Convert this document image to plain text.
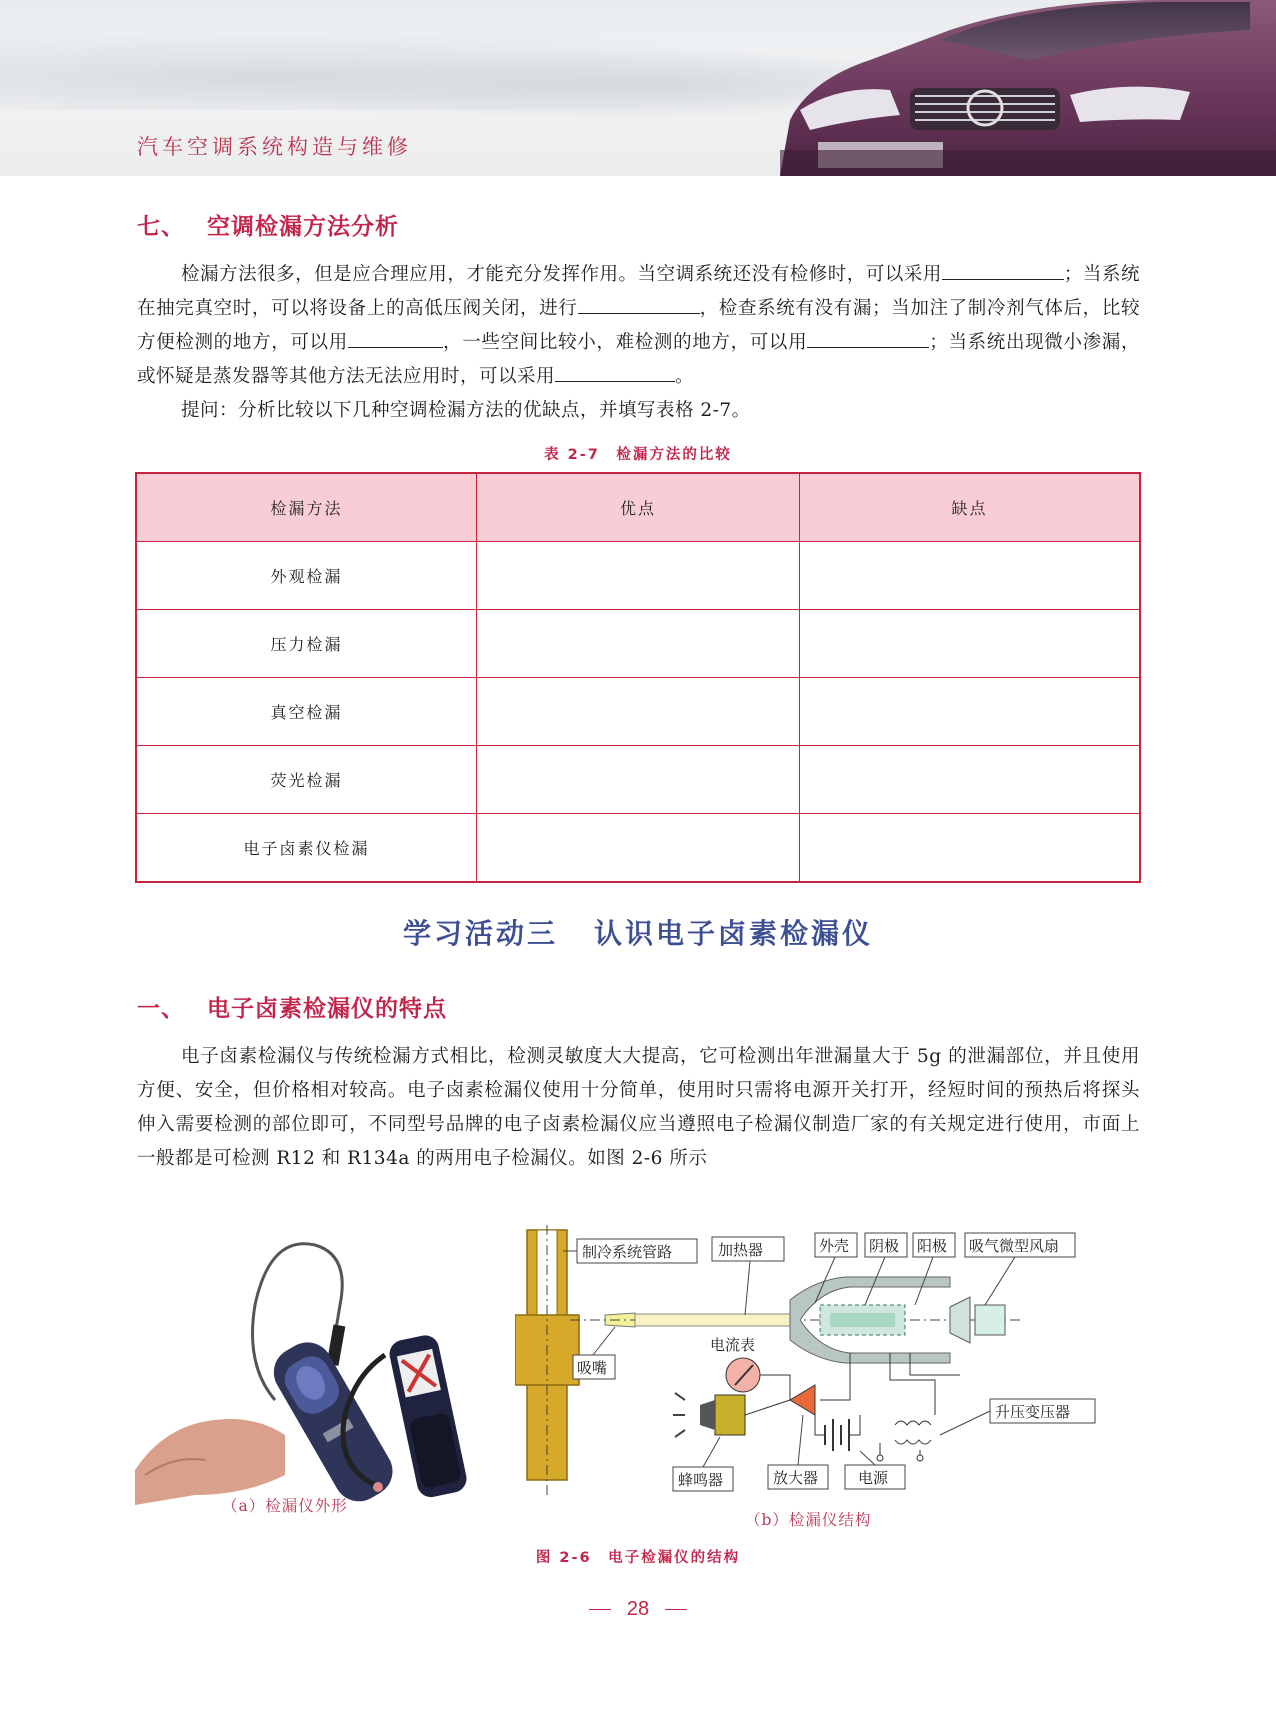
汽车空调系统构造与维修
七、 空调检漏方法分析

检漏方法很多，但是应合理应用，才能充分发挥作用。当空调系统还没有检修时，可以采用	；当系统在抽完真空时，可以将设备上的高低压阀关闭，进行	，检查系统有没有漏；当加注了制冷剂气体后，比较方便检测的地方，可以用	，一些空间比较小，难检测的地方，可以用	；当系统出现微小渗漏，或怀疑是蒸发器等其他方法无法应用时，可以采用	。

提问：分析比较以下几种空调检漏方法的优缺点，并填写表格 2-7。

表 2-7　检漏方法的比较
检漏方法	优点	缺点
外观检漏		
压力检漏		
真空检漏		
荧光检漏		
电子卤素仪检漏		
学习活动三 认识电子卤素检漏仪
一、 电子卤素检漏仪的特点

电子卤素检漏仪与传统检漏方式相比，检测灵敏度大大提高，它可检测出年泄漏量大于 5g 的泄漏部位，并且使用方便、安全，但价格相对较高。电子卤素检漏仪使用十分简单，使用时只需将电源开关打开，经短时间的预热后将探头伸入需要检测的部位即可，不同型号品牌的电子卤素检漏仪应当遵照电子检漏仪制造厂家的有关规定进行使用，市面上一般都是可检测 R12 和 R134a 的两用电子检漏仪。如图 2-6 所示

（a）检漏仪外形
制冷系统管路	加热器	外壳 阴极 阳极 吸气微型风扇
吸嘴
电流表
升压变压器
蜂鸣器	放大器	电源
（b）检漏仪结构
图 2-6　电子检漏仪的结构
28
